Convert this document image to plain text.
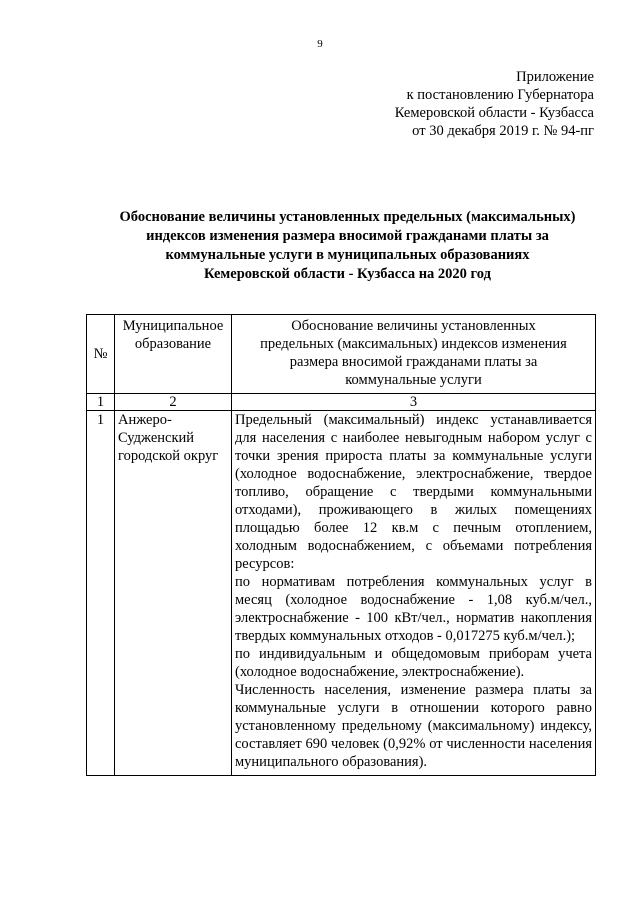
9
Приложение
к постановлению Губернатора
Кемеровской области - Кузбасса
от 30 декабря 2019 г. № 94-пг
Обоснование величины установленных предельных (максимальных)
индексов изменения размера вносимой гражданами платы за
коммунальные услуги в муниципальных образованиях
Кемеровской области - Кузбасса на 2020 год
№	Муниципальное образование	Обоснование величины установленных предельных (максимальных) индексов изменения размера вносимой гражданами платы за коммунальные услуги
1	2	3
1	Анжеро-Судженский городской округ	Предельный (максимальный) индекс устанавливается для населения с наиболее невыгодным набором услуг с точки зрения прироста платы за коммунальные услуги (холодное водоснабжение, электроснабжение, твердое топливо, обращение с твердыми коммунальными отходами), проживающего в жилых помещениях площадью более 12 кв.м с печным отоплением, холодным водоснабжением, с объемами потребления ресурсов:
по нормативам потребления коммунальных услуг в месяц (холодное водоснабжение - 1,08 куб.м/чел., электроснабжение - 100 кВт/чел., норматив накопления твердых коммунальных отходов - 0,017275 куб.м/чел.);
по индивидуальным и общедомовым приборам учета (холодное водоснабжение, электроснабжение).
Численность населения, изменение размера платы за коммунальные услуги в отношении которого равно установленному предельному (максимальному) индексу, составляет 690 человек (0,92% от численности населения муниципального образования).
